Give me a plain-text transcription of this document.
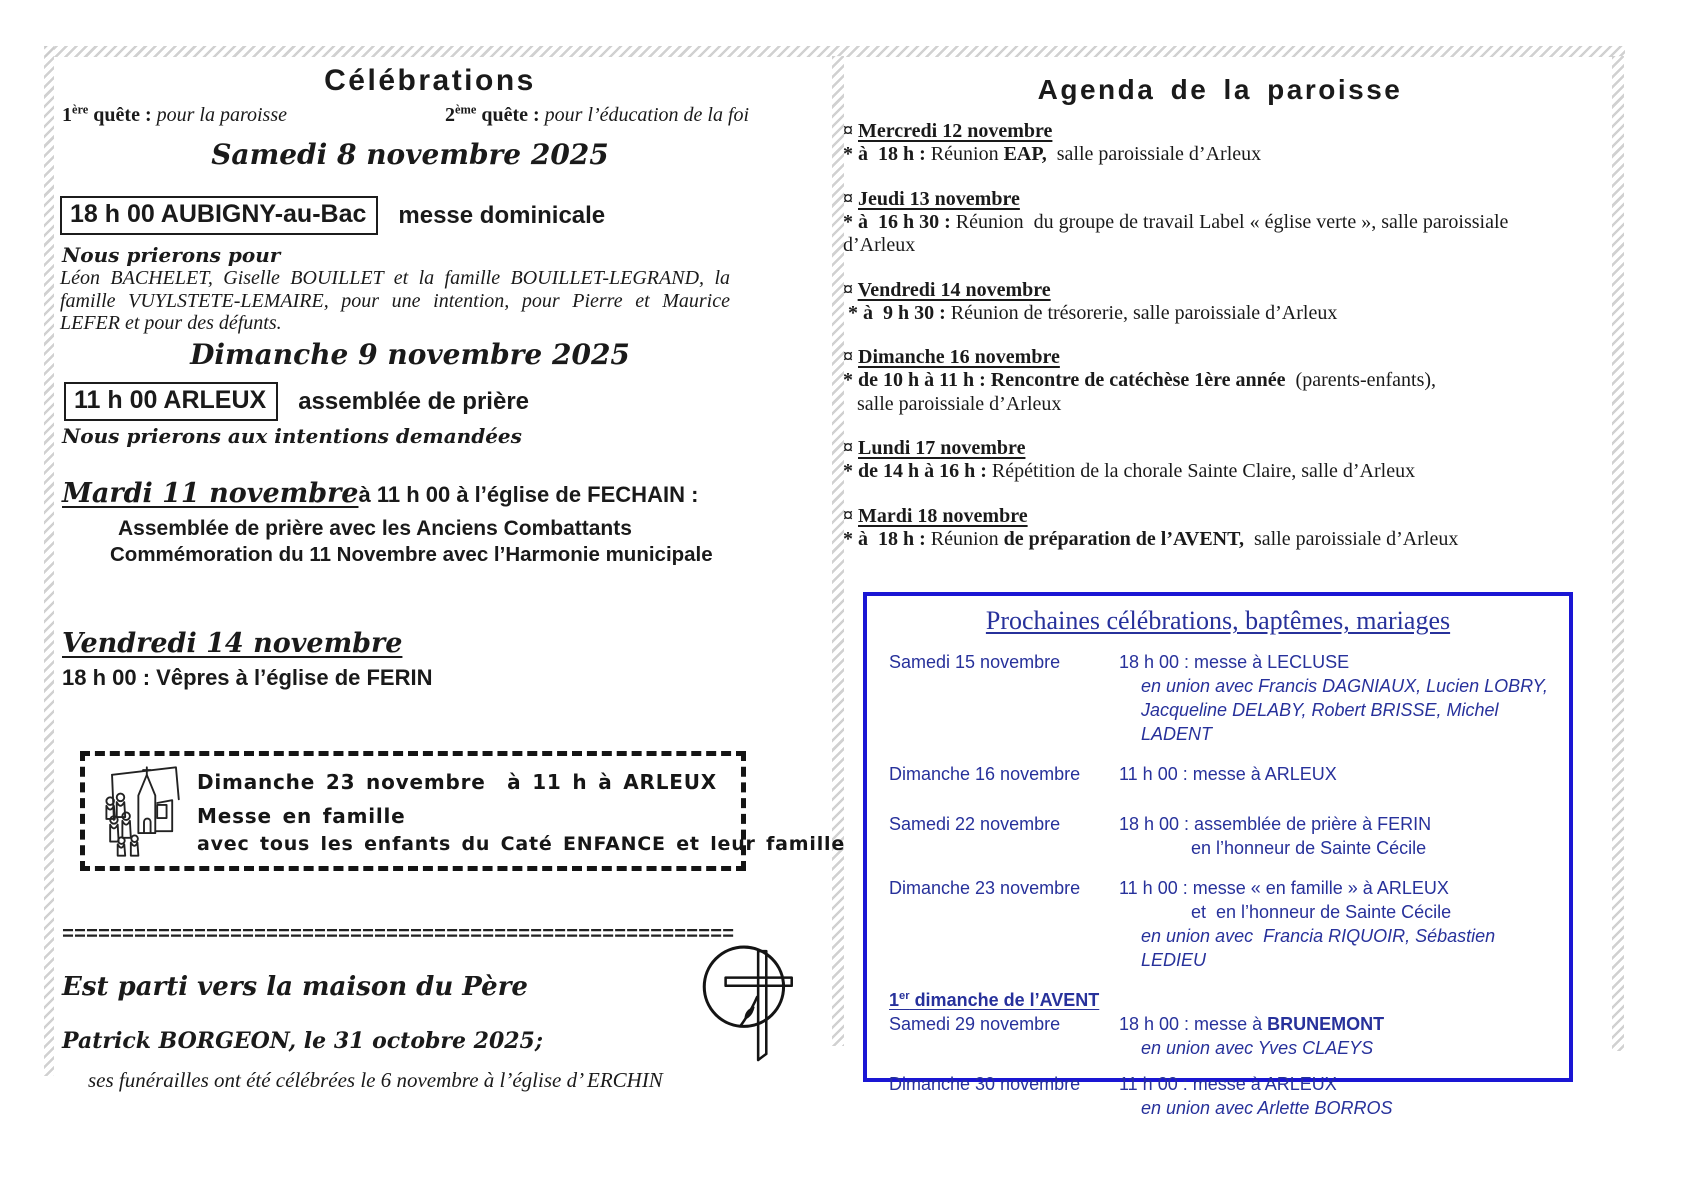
Célébrations
1ère quête : pour la paroisse	2ème quête : pour l’éducation de la foi
Samedi 8 novembre 2025
18 h 00 AUBIGNY-au-Bac	messe dominicale
Nous prierons pour
Léon BACHELET, Giselle BOUILLET et la famille BOUILLET-LEGRAND, la famille VUYLSTETE-LEMAIRE, pour une intention, pour Pierre et Maurice LEFER et pour des défunts.
Dimanche 9 novembre 2025
11 h 00 ARLEUX	assemblée de prière
Nous prierons aux intentions demandées
Mardi 11 novembre à 11 h 00 à l’église de FECHAIN :
Assemblée de prière avec les Anciens Combattants
Commémoration du 11 Novembre avec l’Harmonie municipale
Vendredi 14 novembre
18 h 00 : Vêpres à l’église de FERIN
Dimanche 23 novembre  à 11 h à ARLEUX
Messe en famille
avec tous les enfants du Caté ENFANCE et leur famille
========================================================
Est parti vers la maison du Père
Patrick BORGEON, le 31 octobre 2025;
ses funérailles ont été célébrées le 6 novembre à l’église d’ ERCHIN
Agenda de la paroisse
¤ Mercredi 12 novembre
* à  18 h : Réunion EAP,  salle paroissiale d’Arleux
¤ Jeudi 13 novembre
* à  16 h 30 : Réunion  du groupe de travail Label « église verte », salle paroissiale
d’Arleux
¤ Vendredi 14 novembre
* à  9 h 30 : Réunion de trésorerie, salle paroissiale d’Arleux
¤ Dimanche 16 novembre
* de 10 h à 11 h : Rencontre de catéchèse 1ère année  (parents-enfants),
salle paroissiale d’Arleux
¤ Lundi 17 novembre
* de 14 h à 16 h : Répétition de la chorale Sainte Claire, salle d’Arleux
¤ Mardi 18 novembre
* à  18 h : Réunion de préparation de l’AVENT,  salle paroissiale d’Arleux
Prochaines célébrations, baptêmes, mariages
Samedi 15 novembre	18 h 00 : messe à LECLUSE
en union avec Francis DAGNIAUX, Lucien LOBRY,
Jacqueline DELABY, Robert BRISSE, Michel LADENT
Dimanche 16 novembre	11 h 00 : messe à ARLEUX
Samedi 22 novembre	18 h 00 : assemblée de prière à FERIN
en l’honneur de Sainte Cécile
Dimanche 23 novembre	11 h 00 : messe « en famille » à ARLEUX
et  en l’honneur de Sainte Cécile
en union avec  Francia RIQUOIR, Sébastien LEDIEU
1er dimanche de l’AVENT
Samedi 29 novembre	18 h 00 : messe à BRUNEMONT
en union avec Yves CLAEYS
Dimanche 30 novembre	11 h 00 : messe à ARLEUX
en union avec Arlette BORROS
